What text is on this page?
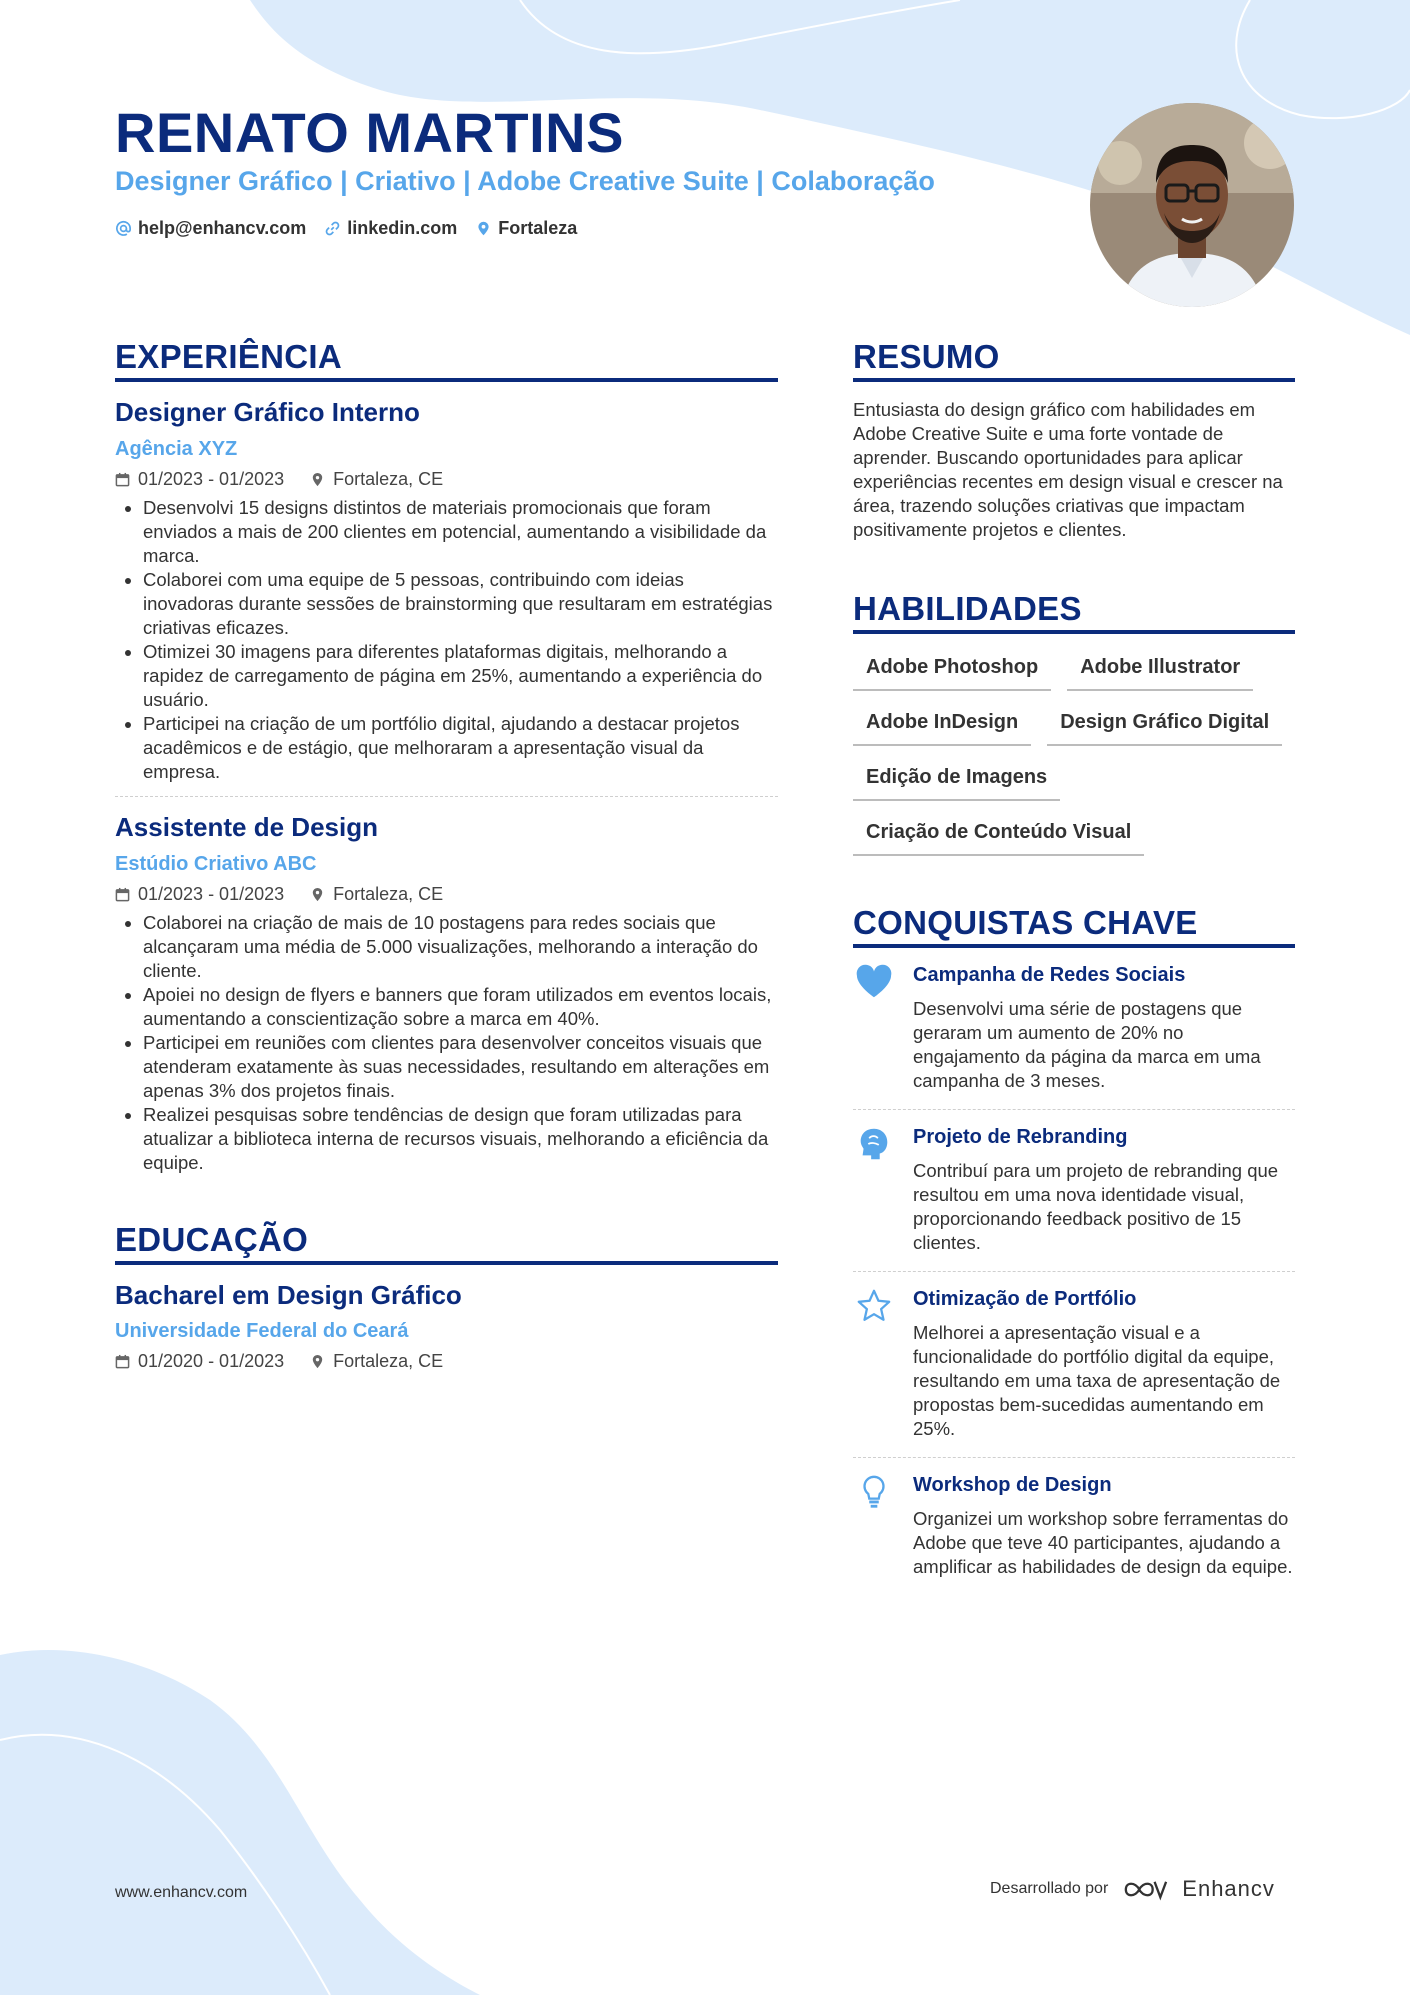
RENATO MARTINS
Designer Gráfico | Criativo | Adobe Creative Suite | Colaboração
help@enhancv.com linkedin.com Fortaleza
EXPERIÊNCIA
Designer Gráfico Interno
Agência XYZ
01/2023 - 01/2023	Fortaleza, CE
• Desenvolvi 15 designs distintos de materiais promocionais que foram enviados a mais de 200 clientes em potencial, aumentando a visibilidade da marca.
• Colaborei com uma equipe de 5 pessoas, contribuindo com ideias inovadoras durante sessões de brainstorming que resultaram em estratégias criativas eficazes.
• Otimizei 30 imagens para diferentes plataformas digitais, melhorando a rapidez de carregamento de página em 25%, aumentando a experiência do usuário.
• Participei na criação de um portfólio digital, ajudando a destacar projetos acadêmicos e de estágio, que melhoraram a apresentação visual da empresa.
Assistente de Design
Estúdio Criativo ABC
01/2023 - 01/2023	Fortaleza, CE
• Colaborei na criação de mais de 10 postagens para redes sociais que alcançaram uma média de 5.000 visualizações, melhorando a interação do cliente.
• Apoiei no design de flyers e banners que foram utilizados em eventos locais, aumentando a conscientização sobre a marca em 40%.
• Participei em reuniões com clientes para desenvolver conceitos visuais que atenderam exatamente às suas necessidades, resultando em alterações em apenas 3% dos projetos finais.
• Realizei pesquisas sobre tendências de design que foram utilizadas para atualizar a biblioteca interna de recursos visuais, melhorando a eficiência da equipe.
EDUCAÇÃO
Bacharel em Design Gráfico
Universidade Federal do Ceará
01/2020 - 01/2023	Fortaleza, CE
RESUMO
Entusiasta do design gráfico com habilidades em Adobe Creative Suite e uma forte vontade de aprender. Buscando oportunidades para aplicar experiências recentes em design visual e crescer na área, trazendo soluções criativas que impactam positivamente projetos e clientes.
HABILIDADES
Adobe Photoshop	Adobe Illustrator
Adobe InDesign	Design Gráfico Digital
Edição de Imagens
Criação de Conteúdo Visual
CONQUISTAS CHAVE
Campanha de Redes Sociais
Desenvolvi uma série de postagens que geraram um aumento de 20% no engajamento da página da marca em uma campanha de 3 meses.
Projeto de Rebranding
Contribuí para um projeto de rebranding que resultou em uma nova identidade visual, proporcionando feedback positivo de 15 clientes.
Otimização de Portfólio
Melhorei a apresentação visual e a funcionalidade do portfólio digital da equipe, resultando em uma taxa de apresentação de propostas bem-sucedidas aumentando em 25%.
Workshop de Design
Organizei um workshop sobre ferramentas do Adobe que teve 40 participantes, ajudando a amplificar as habilidades de design da equipe.
www.enhancv.com	Desarrollado por	Enhancv
